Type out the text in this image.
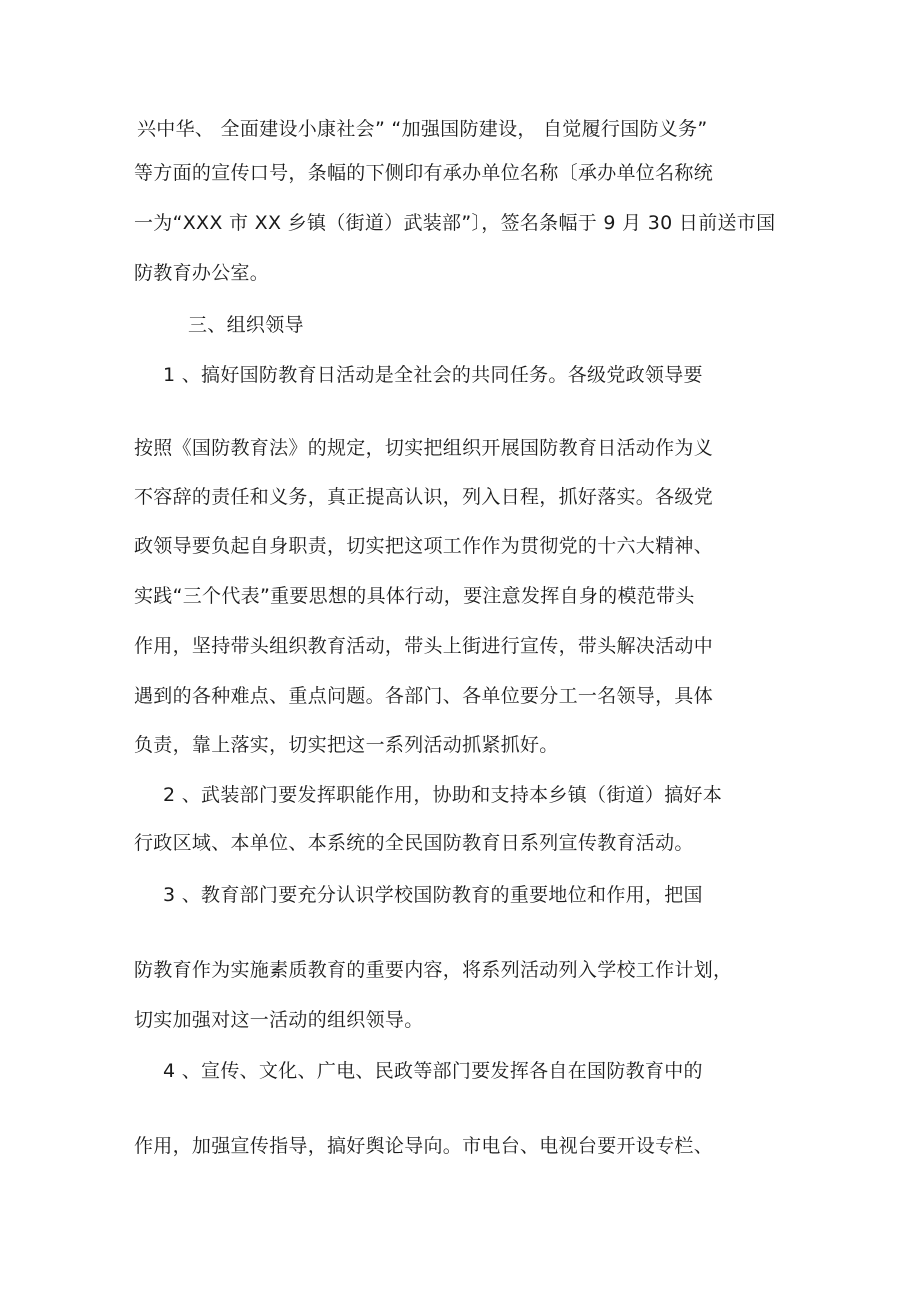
兴中华、 全面建设小康社会” “加强国防建设， 自觉履行国防义务”
等方面的宣传口号，条幅的下侧印有承办单位名称〔承办单位名称统
一为“XXX 市 XX 乡镇（街道）武装部”〕，签名条幅于 9 月 30 日前送市国
防教育办公室。
三、组织领导
1 、搞好国防教育日活动是全社会的共同任务。各级党政领导要
按照《国防教育法》的规定，切实把组织开展国防教育日活动作为义
不容辞的责任和义务，真正提高认识，列入日程，抓好落实。各级党
政领导要负起自身职责，切实把这项工作作为贯彻党的十六大精神、
实践“三个代表”重要思想的具体行动，要注意发挥自身的模范带头
作用，坚持带头组织教育活动，带头上街进行宣传，带头解决活动中
遇到的各种难点、重点问题。各部门、各单位要分工一名领导，具体
负责，靠上落实，切实把这一系列活动抓紧抓好。
2 、武装部门要发挥职能作用，协助和支持本乡镇（街道）搞好本
行政区域、本单位、本系统的全民国防教育日系列宣传教育活动。
3 、教育部门要充分认识学校国防教育的重要地位和作用，把国
防教育作为实施素质教育的重要内容，将系列活动列入学校工作计划，
切实加强对这一活动的组织领导。
4 、宣传、文化、广电、民政等部门要发挥各自在国防教育中的
作用，加强宣传指导，搞好舆论导向。市电台、电视台要开设专栏、
